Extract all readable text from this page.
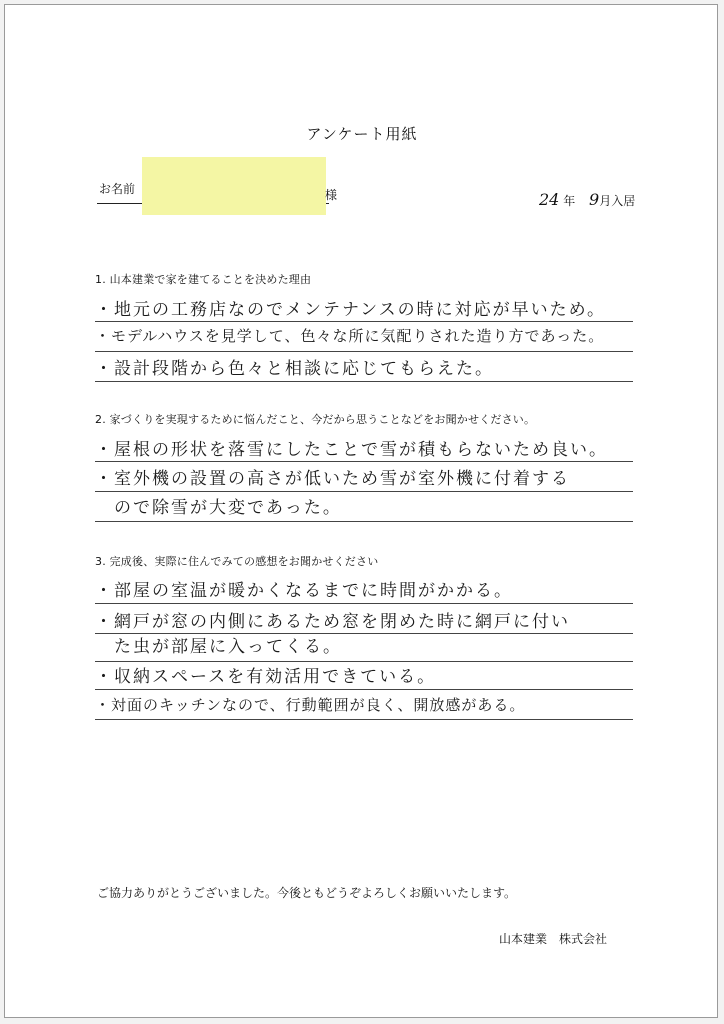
アンケート用紙
お名前	様	24 年 9月入居
1. 山本建業で家を建てることを決めた理由
・地元の工務店なのでメンテナンスの時に対応が早いため。
・モデルハウスを見学して、色々な所に気配りされた造り方であった。
・設計段階から色々と相談に応じてもらえた。
2. 家づくりを実現するために悩んだこと、今だから思うことなどをお聞かせください。
・屋根の形状を落雪にしたことで雪が積もらないため良い。
・室外機の設置の高さが低いため雪が室外機に付着する
　ので除雪が大変であった。
3. 完成後、実際に住んでみての感想をお聞かせください
・部屋の室温が暖かくなるまでに時間がかかる。
・網戸が窓の内側にあるため窓を閉めた時に網戸に付い
　た虫が部屋に入ってくる。
・収納スペースを有効活用できている。
・対面のキッチンなので、行動範囲が良く、開放感がある。
ご協力ありがとうございました。今後ともどうぞよろしくお願いいたします。
山本建業　株式会社
